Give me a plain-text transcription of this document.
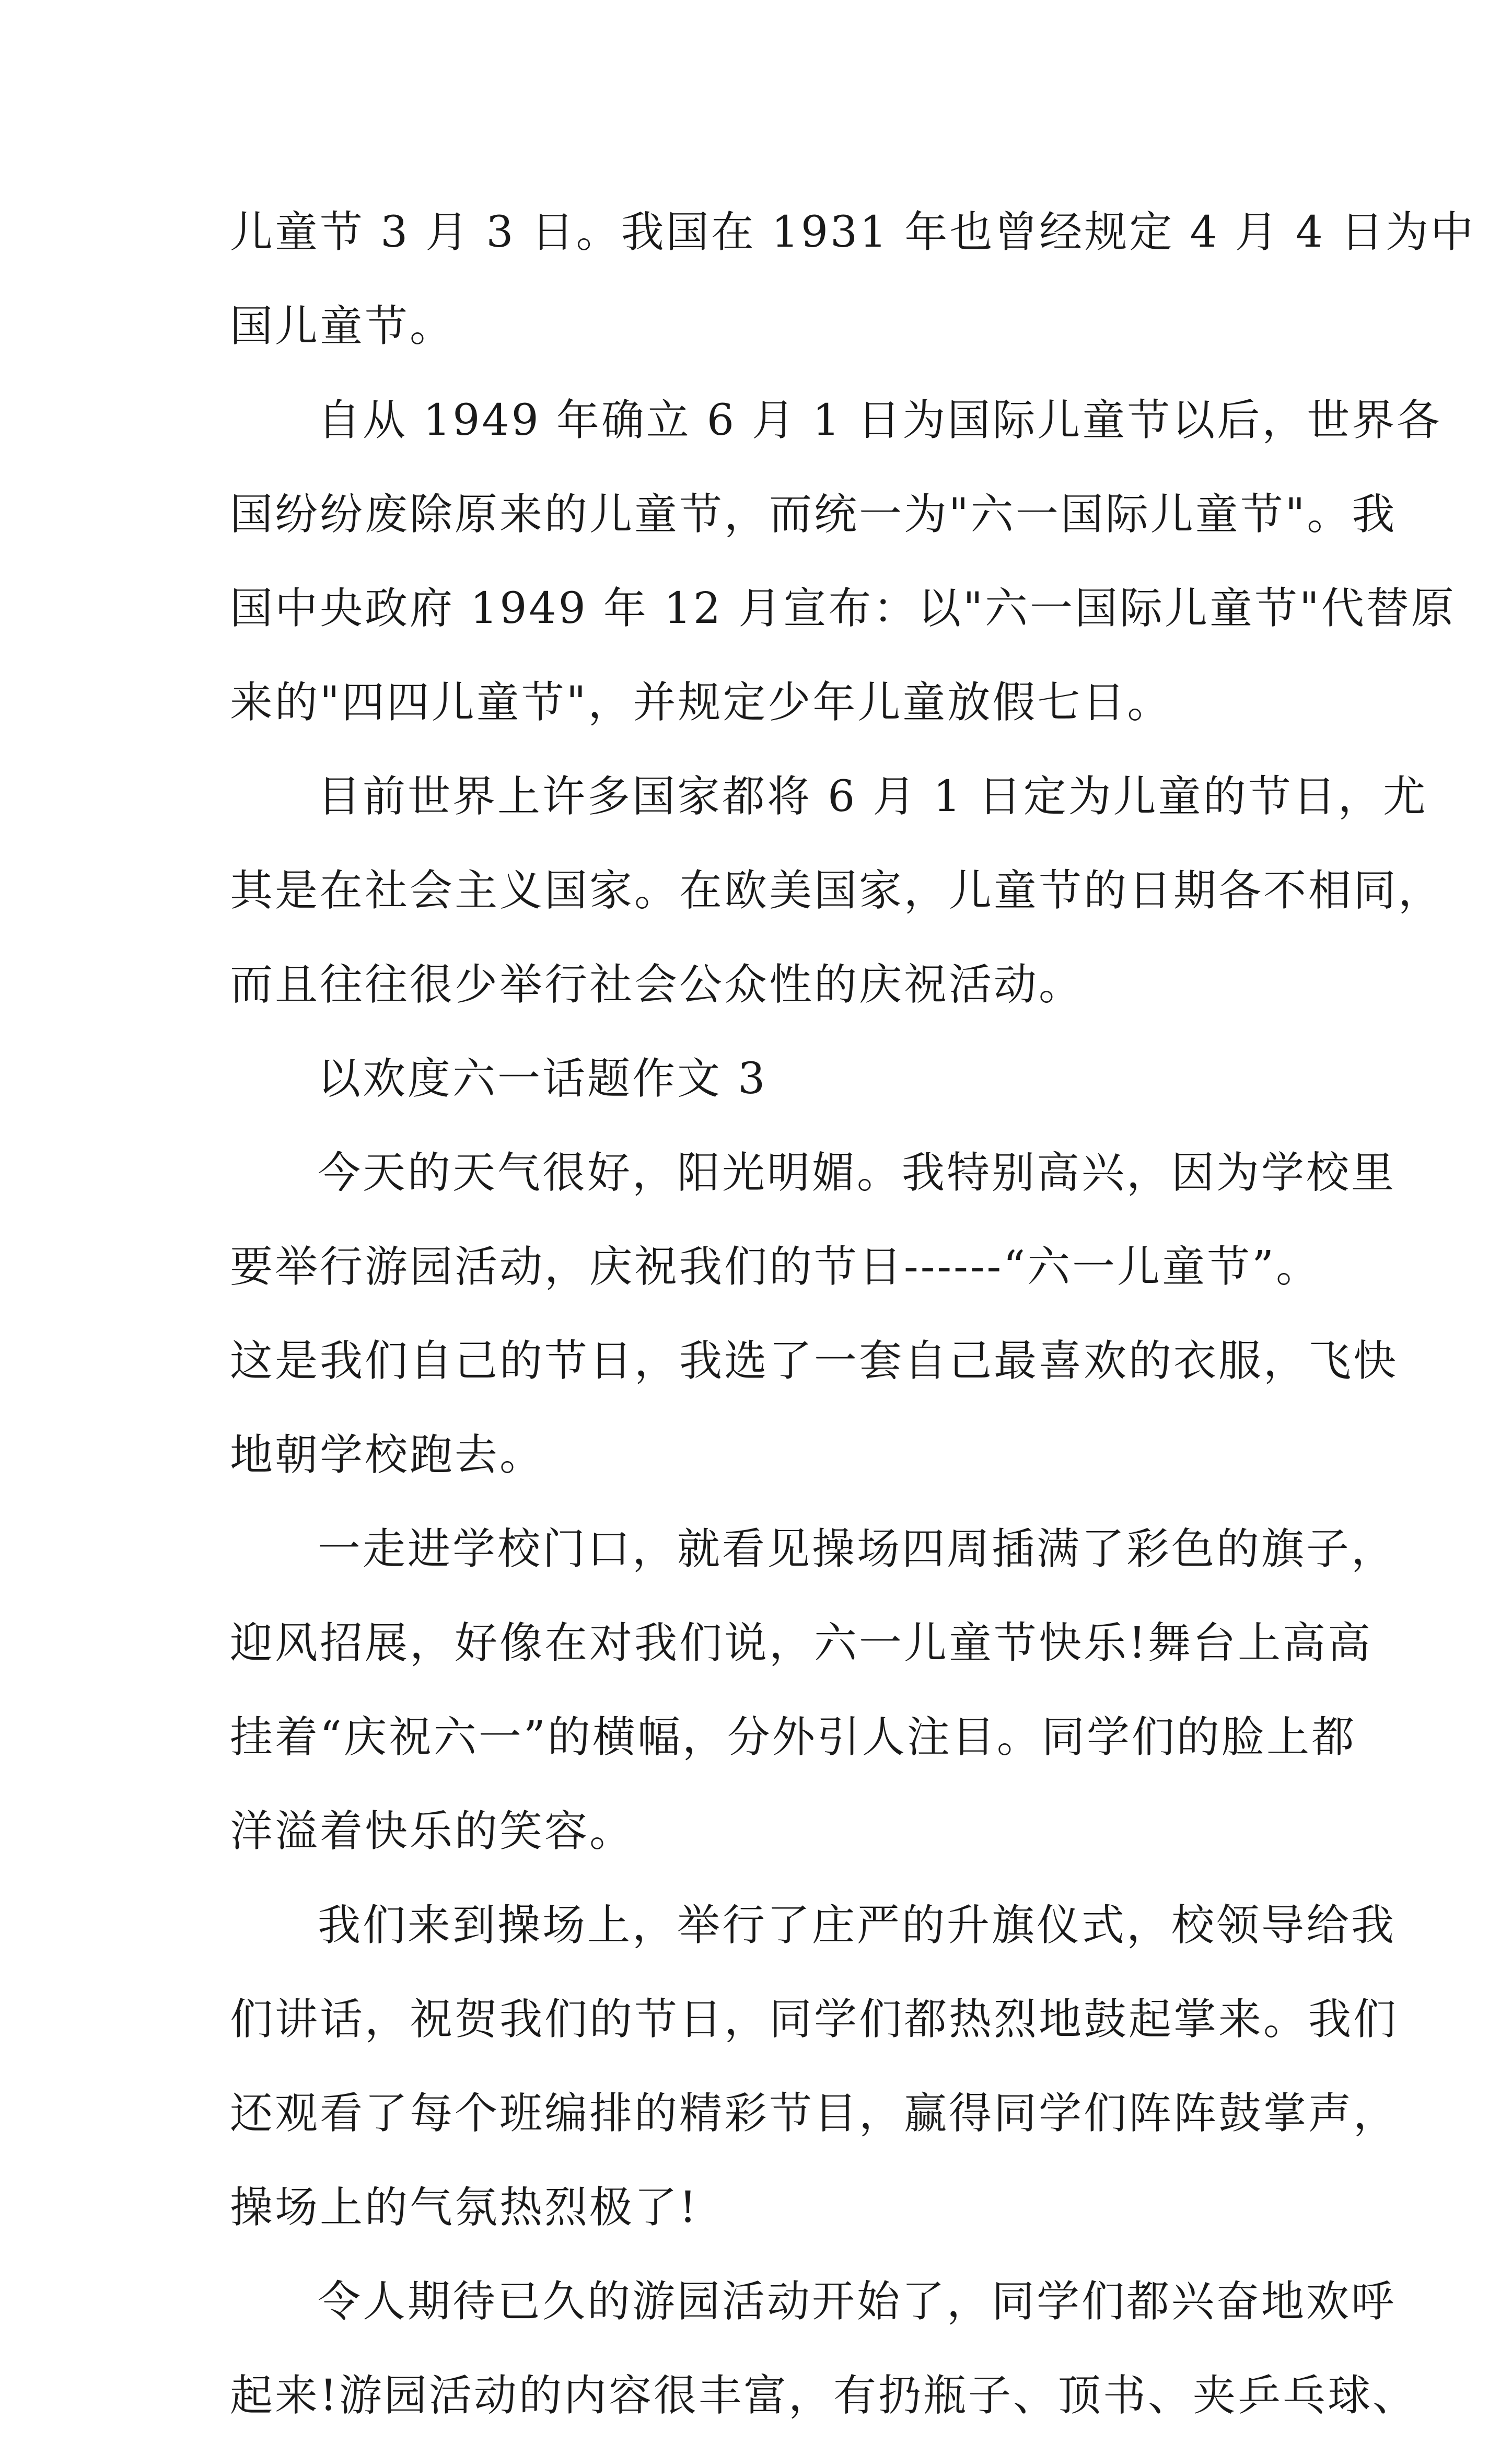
儿童节 3 月 3 日。我国在 1931 年也曾经规定 4 月 4 日为中
国儿童节。
自从 1949 年确立 6 月 1 日为国际儿童节以后，世界各
国纷纷废除原来的儿童节，而统一为"六一国际儿童节"。我
国中央政府 1949 年 12 月宣布：以"六一国际儿童节"代替原
来的"四四儿童节"，并规定少年儿童放假七日。
目前世界上许多国家都将 6 月 1 日定为儿童的节日，尤
其是在社会主义国家。在欧美国家，儿童节的日期各不相同，
而且往往很少举行社会公众性的庆祝活动。
以欢度六一话题作文 3
今天的天气很好，阳光明媚。我特别高兴，因为学校里
要举行游园活动，庆祝我们的节日------“六一儿童节”。
这是我们自己的节日，我选了一套自己最喜欢的衣服，飞快
地朝学校跑去。
一走进学校门口，就看见操场四周插满了彩色的旗子，
迎风招展，好像在对我们说，六一儿童节快乐!舞台上高高
挂着“庆祝六一”的横幅，分外引人注目。同学们的脸上都
洋溢着快乐的笑容。
我们来到操场上，举行了庄严的升旗仪式，校领导给我
们讲话，祝贺我们的节日，同学们都热烈地鼓起掌来。我们
还观看了每个班编排的精彩节目，赢得同学们阵阵鼓掌声，
操场上的气氛热烈极了!
令人期待已久的游园活动开始了，同学们都兴奋地欢呼
起来!游园活动的内容很丰富，有扔瓶子、顶书、夹乒乓球、
